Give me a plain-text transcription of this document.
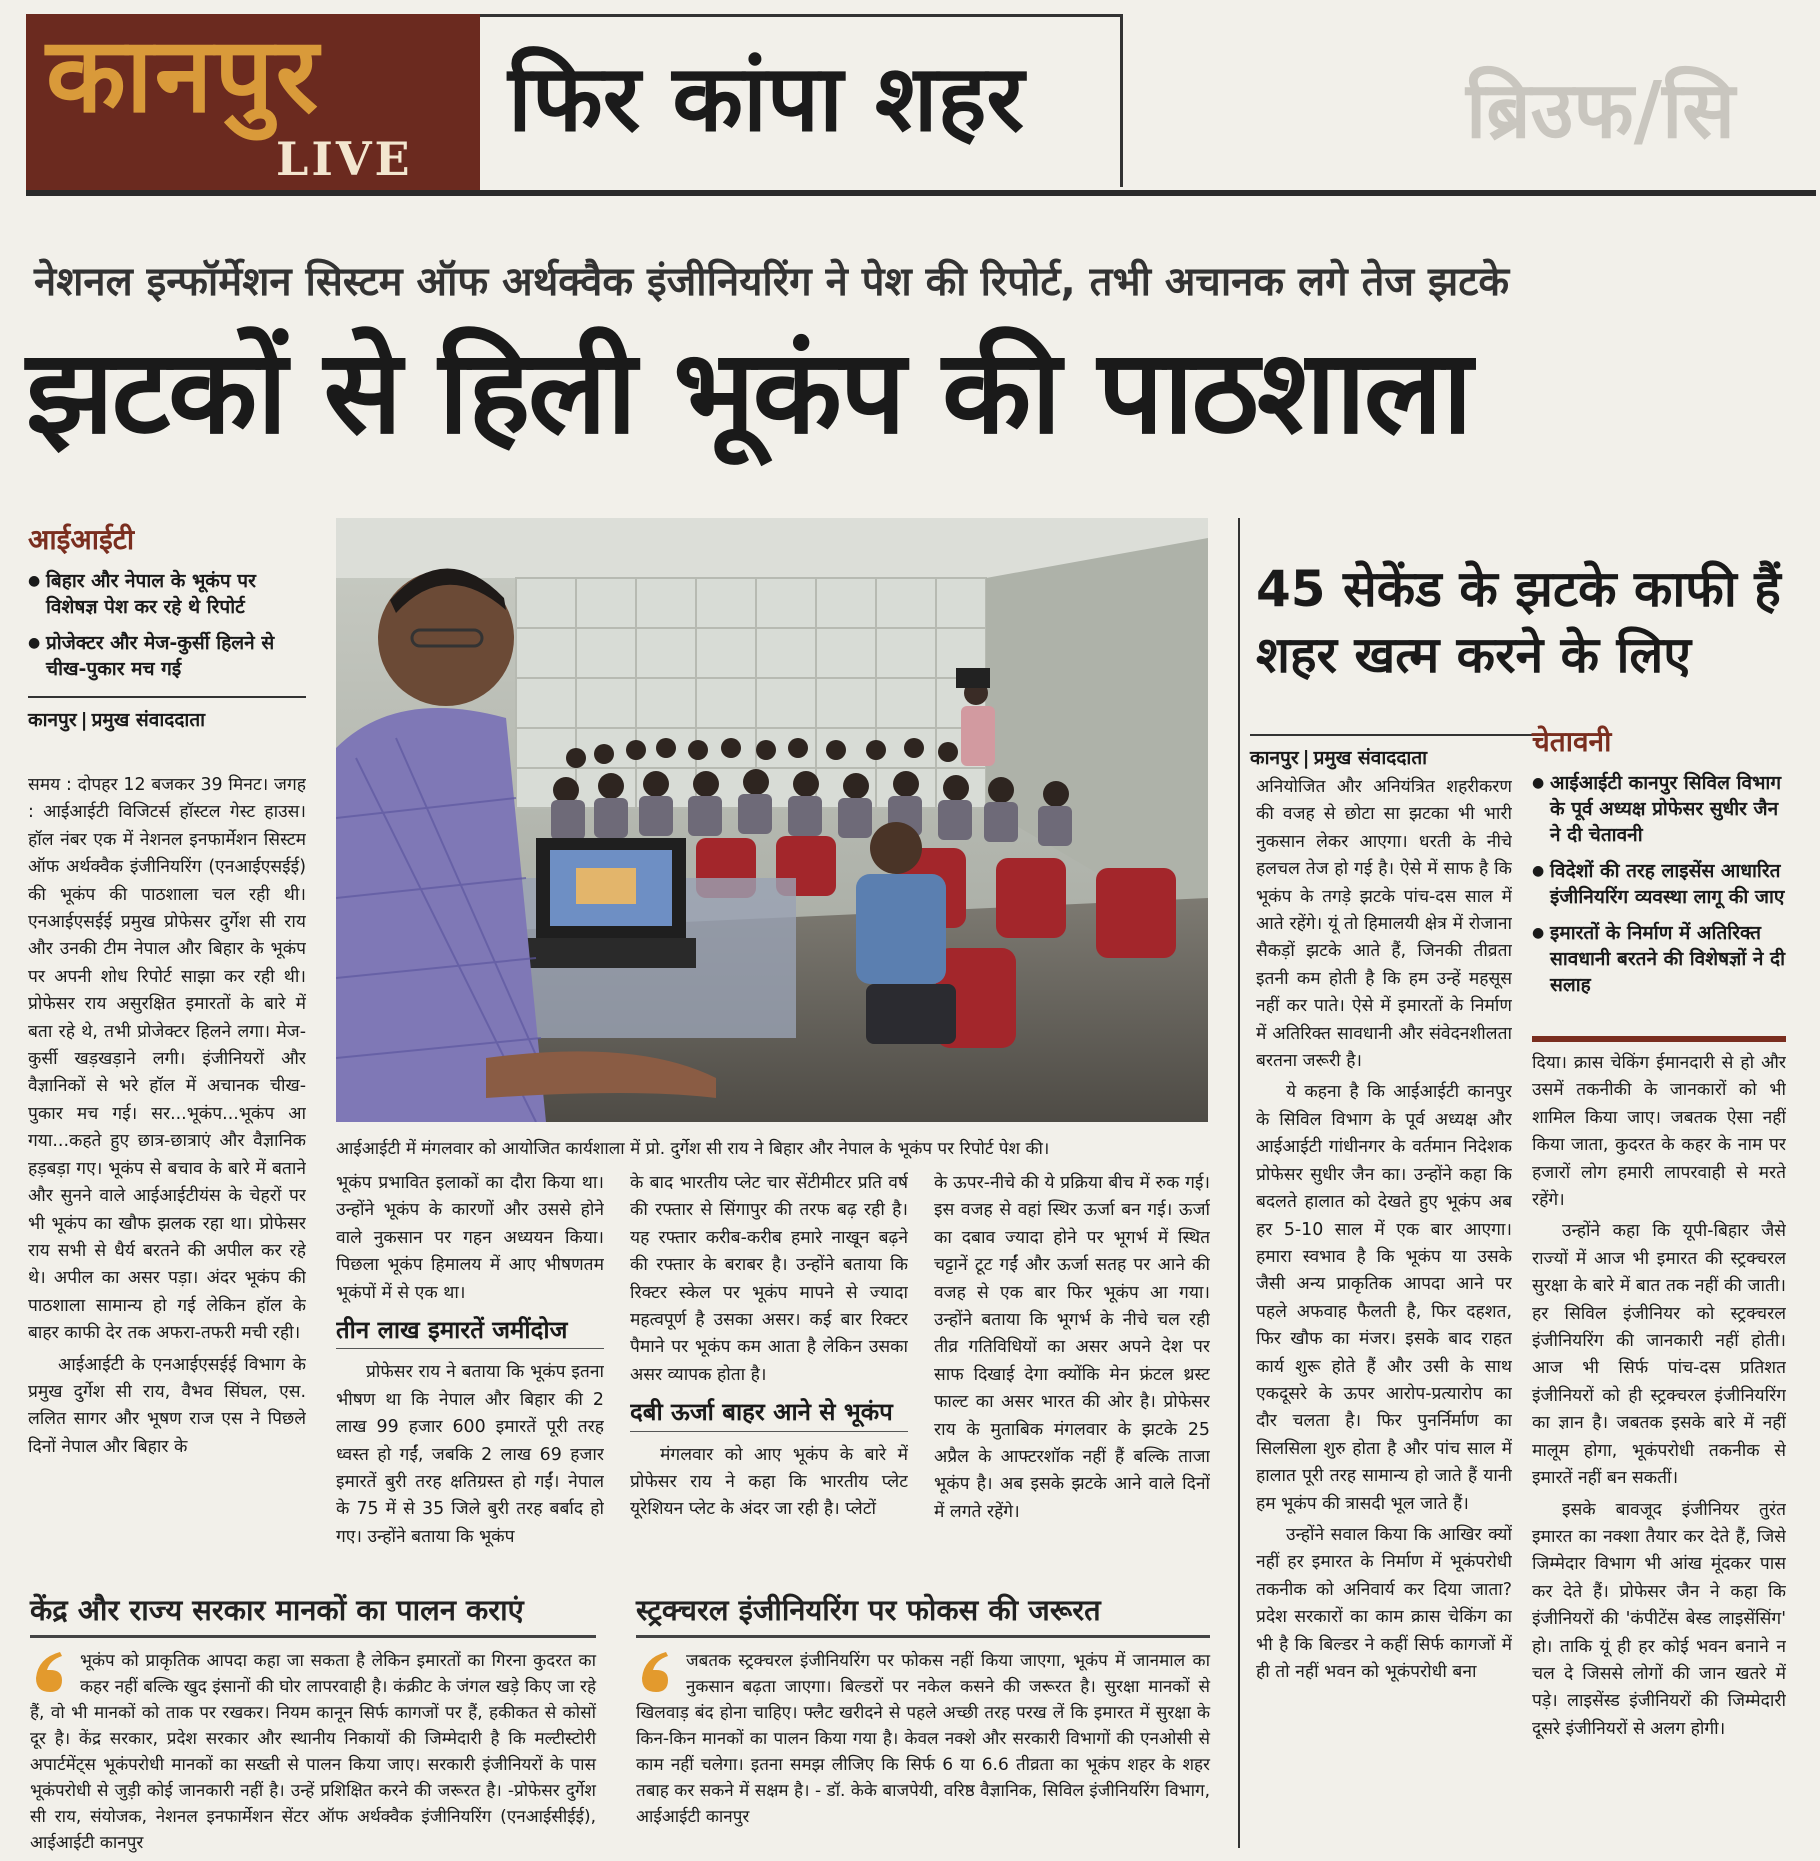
कानपुर
LIVE
फिर कांपा शहर	ब्रिउफ/सि
नेशनल इन्फॉर्मेशन सिस्टम ऑफ अर्थक्वैक इंजीनियरिंग ने पेश की रिपोर्ट, तभी अचानक लगे तेज झटके
झटकों से हिली भूकंप की पाठशाला
आईआईटी
● बिहार और नेपाल के भूकंप पर विशेषज्ञ पेश कर रहे थे रिपोर्ट
● प्रोजेक्टर और मेज-कुर्सी हिलने से चीख-पुकार मच गई
कानपुर | प्रमुख संवाददाता

समय : दोपहर 12 बजकर 39 मिनट। जगह : आईआईटी विजिटर्स हॉस्टल गेस्ट हाउस। हॉल नंबर एक में नेशनल इनफार्मेशन सिस्टम ऑफ अर्थक्वैक इंजीनियरिंग (एनआईएसईई) की भूकंप की पाठशाला चल रही थी। एनआईएसईई प्रमुख प्रोफेसर दुर्गेश सी राय और उनकी टीम नेपाल और बिहार के भूकंप पर अपनी शोध रिपोर्ट साझा कर रही थी। प्रोफेसर राय असुरक्षित इमारतों के बारे में बता रहे थे, तभी प्रोजेक्टर हिलने लगा। मेज-कुर्सी खड़खड़ाने लगी। इंजीनियरों और वैज्ञानिकों से भरे हॉल में अचानक चीख-पुकार मच गई। सर...भूकंप...भूकंप आ गया...कहते हुए छात्र-छात्राएं और वैज्ञानिक हड़बड़ा गए। भूकंप से बचाव के बारे में बताने और सुनने वाले आईआईटीयंस के चेहरों पर भी भूकंप का खौफ झलक रहा था। प्रोफेसर राय सभी से धैर्य बरतने की अपील कर रहे थे। अपील का असर पड़ा। अंदर भूकंप की पाठशाला सामान्य हो गई लेकिन हॉल के बाहर काफी देर तक अफरा-तफरी मची रही।

आईआईटी के एनआईएसईई विभाग के प्रमुख दुर्गेश सी राय, वैभव सिंघल, एस. ललित सागर और भूषण राज एस ने पिछले दिनों नेपाल और बिहार के

आईआईटी में मंगलवार को आयोजित कार्यशाला में प्रो. दुर्गेश सी राय ने बिहार और नेपाल के भूकंप पर रिपोर्ट पेश की।

भूकंप प्रभावित इलाकों का दौरा किया था। उन्होंने भूकंप के कारणों और उससे होने वाले नुकसान पर गहन अध्ययन किया। पिछला भूकंप हिमालय में आए भीषणतम भूकंपों में से एक था।

तीन लाख इमारतें जमींदोज

प्रोफेसर राय ने बताया कि भूकंप इतना भीषण था कि नेपाल और बिहार की 2 लाख 99 हजार 600 इमारतें पूरी तरह ध्वस्त हो गईं, जबकि 2 लाख 69 हजार इमारतें बुरी तरह क्षतिग्रस्त हो गईं। नेपाल के 75 में से 35 जिले बुरी तरह बर्बाद हो गए। उन्होंने बताया कि भूकंप

के बाद भारतीय प्लेट चार सेंटीमीटर प्रति वर्ष की रफ्तार से सिंगापुर की तरफ बढ़ रही है। यह रफ्तार करीब-करीब हमारे नाखून बढ़ने की रफ्तार के बराबर है। उन्होंने बताया कि रिक्टर स्केल पर भूकंप मापने से ज्यादा महत्वपूर्ण है उसका असर। कई बार रिक्टर पैमाने पर भूकंप कम आता है लेकिन उसका असर व्यापक होता है।

दबी ऊर्जा बाहर आने से भूकंप

मंगलवार को आए भूकंप के बारे में प्रोफेसर राय ने कहा कि भारतीय प्लेट यूरेशियन प्लेट के अंदर जा रही है। प्लेटों

के ऊपर-नीचे की ये प्रक्रिया बीच में रुक गई। इस वजह से वहां स्थिर ऊर्जा बन गई। ऊर्जा का दबाव ज्यादा होने पर भूगर्भ में स्थित चट्टानें टूट गईं और ऊर्जा सतह पर आने की वजह से एक बार फिर भूकंप आ गया। उन्होंने बताया कि भूगर्भ के नीचे चल रही तीव्र गतिविधियों का असर अपने देश पर साफ दिखाई देगा क्योंकि मेन फ्रंटल थ्रस्ट फाल्ट का असर भारत की ओर है। प्रोफेसर राय के मुताबिक मंगलवार के झटके 25 अप्रैल के आफ्टरशॉक नहीं हैं बल्कि ताजा भूकंप है। अब इसके झटके आने वाले दिनों में लगते रहेंगे।

45 सेकेंड के झटके काफी हैं शहर खत्म करने के लिए
कानपुर | प्रमुख संवाददाता

अनियोजित और अनियंत्रित शहरीकरण की वजह से छोटा सा झटका भी भारी नुकसान लेकर आएगा। धरती के नीचे हलचल तेज हो गई है। ऐसे में साफ है कि भूकंप के तगड़े झटके पांच-दस साल में आते रहेंगे। यूं तो हिमालयी क्षेत्र में रोजाना सैकड़ों झटके आते हैं, जिनकी तीव्रता इतनी कम होती है कि हम उन्हें महसूस नहीं कर पाते। ऐसे में इमारतों के निर्माण में अतिरिक्त सावधानी और संवेदनशीलता बरतना जरूरी है।

ये कहना है कि आईआईटी कानपुर के सिविल विभाग के पूर्व अध्यक्ष और आईआईटी गांधीनगर के वर्तमान निदेशक प्रोफेसर सुधीर जैन का। उन्होंने कहा कि बदलते हालात को देखते हुए भूकंप अब हर 5-10 साल में एक बार आएगा। हमारा स्वभाव है कि भूकंप या उसके जैसी अन्य प्राकृतिक आपदा आने पर पहले अफवाह फैलती है, फिर दहशत, फिर खौफ का मंजर। इसके बाद राहत कार्य शुरू होते हैं और उसी के साथ एकदूसरे के ऊपर आरोप-प्रत्यारोप का दौर चलता है। फिर पुनर्निर्माण का सिलसिला शुरु होता है और पांच साल में हालात पूरी तरह सामान्य हो जाते हैं यानी हम भूकंप की त्रासदी भूल जाते हैं।

उन्होंने सवाल किया कि आखिर क्यों नहीं हर इमारत के निर्माण में भूकंपरोधी तकनीक को अनिवार्य कर दिया जाता? प्रदेश सरकारों का काम क्रास चेकिंग का भी है कि बिल्डर ने कहीं सिर्फ कागजों में ही तो नहीं भवन को भूकंपरोधी बना

चेतावनी
● आईआईटी कानपुर सिविल विभाग के पूर्व अध्यक्ष प्रोफेसर सुधीर जैन ने दी चेतावनी
● विदेशों की तरह लाइसेंस आधारित इंजीनियरिंग व्यवस्था लागू की जाए
● इमारतों के निर्माण में अतिरिक्त सावधानी बरतने की विशेषज्ञों ने दी सलाह

दिया। क्रास चेकिंग ईमानदारी से हो और उसमें तकनीकी के जानकारों को भी शामिल किया जाए। जबतक ऐसा नहीं किया जाता, कुदरत के कहर के नाम पर हजारों लोग हमारी लापरवाही से मरते रहेंगे।

उन्होंने कहा कि यूपी-बिहार जैसे राज्यों में आज भी इमारत की स्ट्रक्चरल सुरक्षा के बारे में बात तक नहीं की जाती। हर सिविल इंजीनियर को स्ट्रक्चरल इंजीनियरिंग की जानकारी नहीं होती। आज भी सिर्फ पांच-दस प्रतिशत इंजीनियरों को ही स्ट्रक्चरल इंजीनियरिंग का ज्ञान है। जबतक इसके बारे में नहीं मालूम होगा, भूकंपरोधी तकनीक से इमारतें नहीं बन सकतीं।

इसके बावजूद इंजीनियर तुरंत इमारत का नक्शा तैयार कर देते हैं, जिसे जिम्मेदार विभाग भी आंख मूंदकर पास कर देते हैं। प्रोफेसर जैन ने कहा कि इंजीनियरों की 'कंपीटेंस बेस्ड लाइसेंसिंग' हो। ताकि यूं ही हर कोई भवन बनाने न चल दे जिससे लोगों की जान खतरे में पड़े। लाइसेंस्ड इंजीनियरों की जिम्मेदारी दूसरे इंजीनियरों से अलग होगी।

केंद्र और राज्य सरकार मानकों का पालन कराएं
भूकंप को प्राकृतिक आपदा कहा जा सकता है लेकिन इमारतों का गिरना कुदरत का कहर नहीं बल्कि खुद इंसानों की घोर लापरवाही है। कंक्रीट के जंगल खड़े किए जा रहे हैं, वो भी मानकों को ताक पर रखकर। नियम कानून सिर्फ कागजों पर हैं, हकीकत से कोसों दूर है। केंद्र सरकार, प्रदेश सरकार और स्थानीय निकायों की जिम्मेदारी है कि मल्टीस्टोरी अपार्टमेंट्स भूकंपरोधी मानकों का सख्ती से पालन किया जाए। सरकारी इंजीनियरों के पास भूकंपरोधी से जुड़ी कोई जानकारी नहीं है। उन्हें प्रशिक्षित करने की जरूरत है। -प्रोफेसर दुर्गेश सी राय, संयोजक, नेशनल इनफार्मेशन सेंटर ऑफ अर्थक्वैक इंजीनियरिंग (एनआईसीईई), आईआईटी कानपुर
स्ट्रक्चरल इंजीनियरिंग पर फोकस की जरूरत
जबतक स्ट्रक्चरल इंजीनियरिंग पर फोकस नहीं किया जाएगा, भूकंप में जानमाल का नुकसान बढ़ता जाएगा। बिल्डरों पर नकेल कसने की जरूरत है। सुरक्षा मानकों से खिलवाड़ बंद होना चाहिए। फ्लैट खरीदने से पहले अच्छी तरह परख लें कि इमारत में सुरक्षा के किन-किन मानकों का पालन किया गया है। केवल नक्शे और सरकारी विभागों की एनओसी से काम नहीं चलेगा। इतना समझ लीजिए कि सिर्फ 6 या 6.6 तीव्रता का भूकंप शहर के शहर तबाह कर सकने में सक्षम है। - डॉ. केके बाजपेयी, वरिष्ठ वैज्ञानिक, सिविल इंजीनियरिंग विभाग, आईआईटी कानपुर
